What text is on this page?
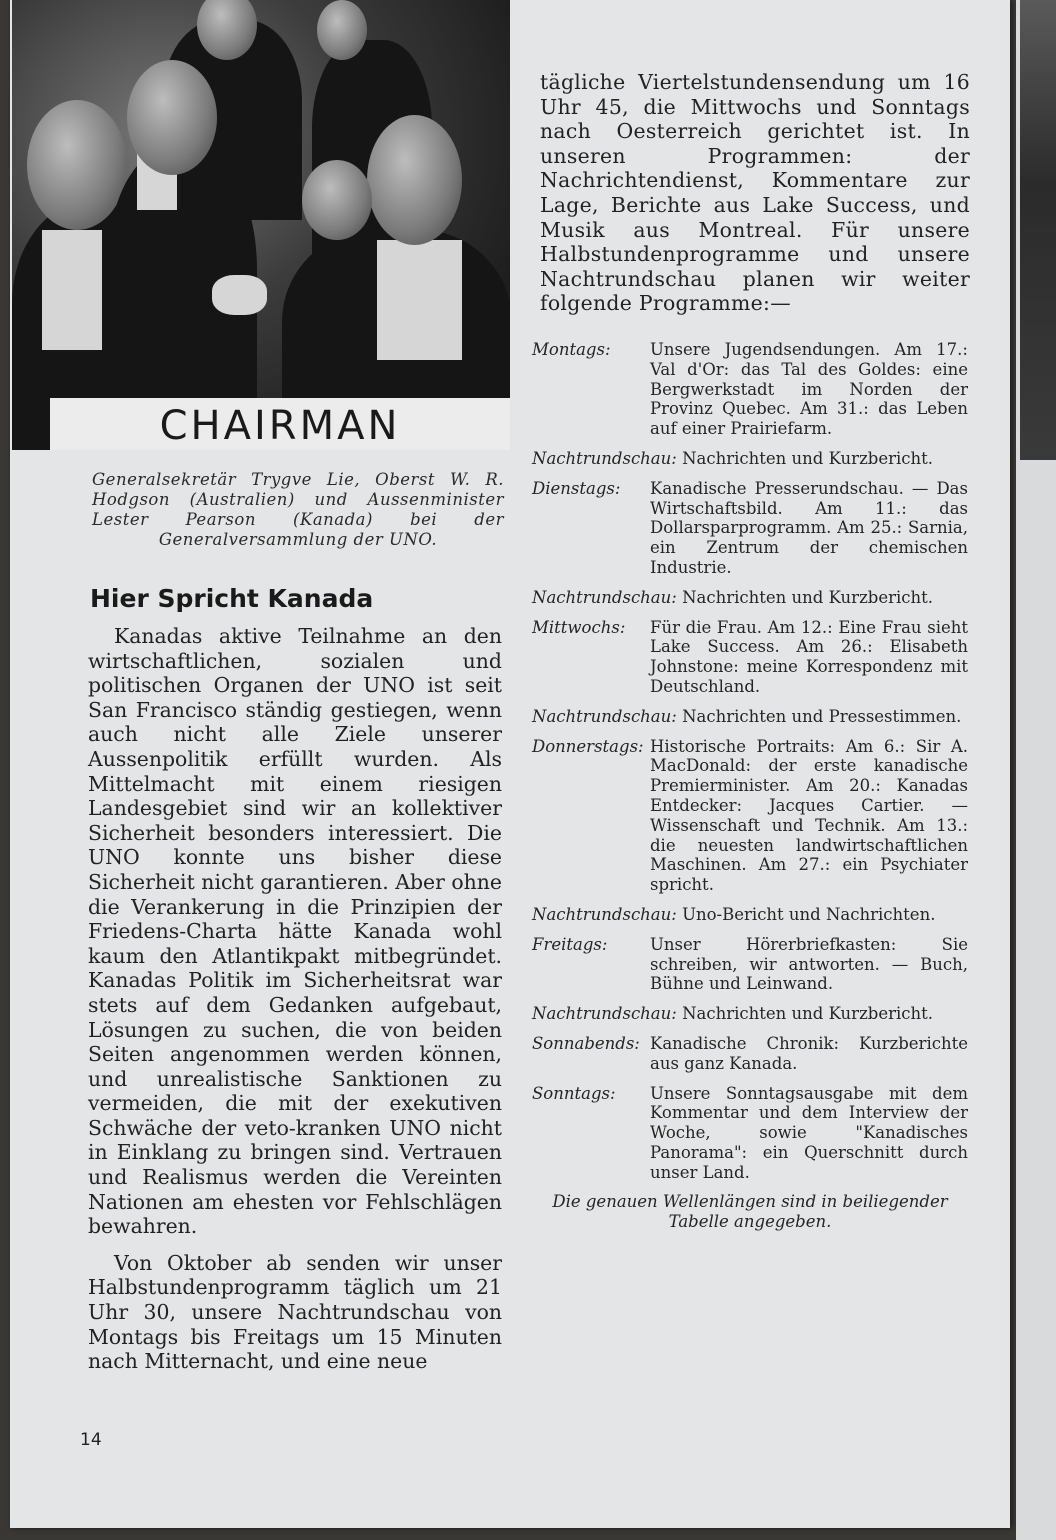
CHAIRMAN
Generalsekretär Trygve Lie, Oberst W. R. Hodgson (Australien) und Aussenminister Lester Pearson (Kanada) bei der Generalversammlung der UNO.
Hier Spricht Kanada

Kanadas aktive Teilnahme an den wirtschaftlichen, sozialen und politischen Organen der UNO ist seit San Francisco ständig gestiegen, wenn auch nicht alle Ziele unserer Aussenpolitik erfüllt wurden. Als Mittelmacht mit einem riesigen Landesgebiet sind wir an kollektiver Sicherheit besonders interessiert. Die UNO konnte uns bisher diese Sicherheit nicht garantieren. Aber ohne die Verankerung in die Prinzipien der Friedens-Charta hätte Kanada wohl kaum den Atlantikpakt mitbegründet. Kanadas Politik im Sicherheitsrat war stets auf dem Gedanken aufgebaut, Lösungen zu suchen, die von beiden Seiten angenommen werden können, und unrealistische Sanktionen zu vermeiden, die mit der exekutiven Schwäche der veto-kranken UNO nicht in Einklang zu bringen sind. Vertrauen und Realismus werden die Vereinten Nationen am ehesten vor Fehlschlägen bewahren.

Von Oktober ab senden wir unser Halbstundenprogramm täglich um 21 Uhr 30, unsere Nachtrundschau von Montags bis Freitags um 15 Minuten nach Mitternacht, und eine neue

tägliche Viertelstundensendung um 16 Uhr 45, die Mittwochs und Sonntags nach Oesterreich gerichtet ist. In unseren Programmen: der Nachrichtendienst, Kommentare zur Lage, Berichte aus Lake Success, und Musik aus Montreal. Für unsere Halbstundenprogramme und unsere Nachtrundschau planen wir weiter folgende Programme:—

Montags:	Unsere Jugendsendungen. Am 17.: Val d'Or: das Tal des Goldes: eine Bergwerkstadt im Norden der Provinz Quebec. Am 31.: das Leben auf einer Prairiefarm.
Nachtrundschau: Nachrichten und Kurzbericht.
Dienstags:	Kanadische Presserundschau. — Das Wirtschaftsbild. Am 11.: das Dollarsparprogramm. Am 25.: Sarnia, ein Zentrum der chemischen Industrie.
Nachtrundschau: Nachrichten und Kurzbericht.
Mittwochs:	Für die Frau. Am 12.: Eine Frau sieht Lake Success. Am 26.: Elisabeth Johnstone: meine Korrespondenz mit Deutschland.
Nachtrundschau: Nachrichten und Pressestimmen.
Donnerstags: Historische Portraits: Am 6.: Sir A. MacDonald: der erste kanadische Premierminister. Am 20.: Kanadas Entdecker: Jacques Cartier. — Wissenschaft und Technik. Am 13.: die neuesten landwirtschaftlichen Maschinen. Am 27.: ein Psychiater spricht.
Nachtrundschau: Uno-Bericht und Nachrichten.
Freitags:	Unser Hörerbriefkasten: Sie schreiben, wir antworten. — Buch, Bühne und Leinwand.
Nachtrundschau: Nachrichten und Kurzbericht.
Sonnabends: Kanadische Chronik: Kurzberichte aus ganz Kanada.
Sonntags:	Unsere Sonntagsausgabe mit dem Kommentar und dem Interview der Woche, sowie "Kanadisches Panorama": ein Querschnitt durch unser Land.
Die genauen Wellenlängen sind in beiliegender Tabelle angegeben.
14
